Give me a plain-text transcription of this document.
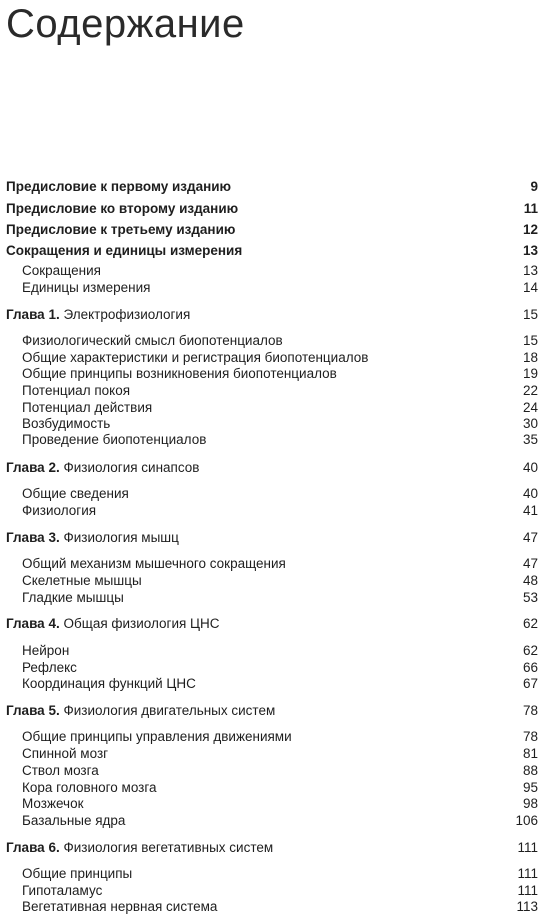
Содержание
Предисловие к первому изданию	9
Предисловие ко второму изданию	11
Предисловие к третьему изданию	12
Сокращения и единицы измерения	13
Сокращения	13
Единицы измерения	14
Глава 1. Электрофизиология	15
Физиологический смысл биопотенциалов	15
Общие характеристики и регистрация биопотенциалов	18
Общие принципы возникновения биопотенциалов	19
Потенциал покоя	22
Потенциал действия	24
Возбудимость	30
Проведение биопотенциалов	35
Глава 2. Физиология синапсов	40
Общие сведения	40
Физиология	41
Глава 3. Физиология мышц	47
Общий механизм мышечного сокращения	47
Скелетные мышцы	48
Гладкие мышцы	53
Глава 4. Общая физиология ЦНС	62
Нейрон	62
Рефлекс	66
Координация функций ЦНС	67
Глава 5. Физиология двигательных систем	78
Общие принципы управления движениями	78
Спинной мозг	81
Ствол мозга	88
Кора головного мозга	95
Мозжечок	98
Базальные ядра	106
Глава 6. Физиология вегетативных систем	111
Общие принципы	111
Гипоталамус	111
Вегетативная нервная система	113
